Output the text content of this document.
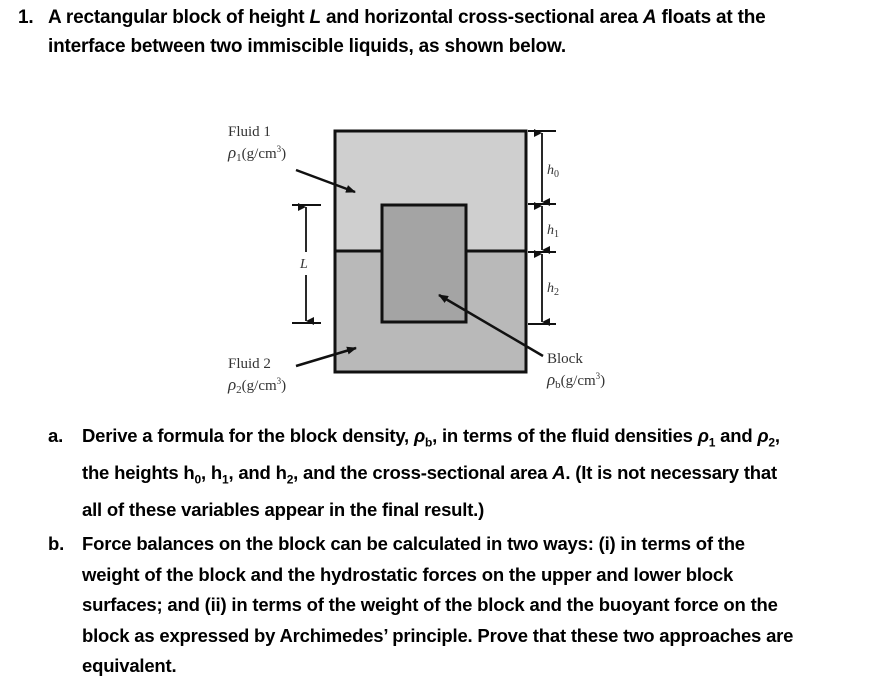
1. A rectangular block of height L and horizontal cross-sectional area A floats at the
interface between two immiscible liquids, as shown below.
Fluid 1
$\rho_1(g/cm^3)$
Fluid 2
$\rho_2(g/cm^3)$
Block
$\rho_b(g/cm^3)$
L
$h_0$
$h_1$
$h_2$
a. Derive a formula for the block density, $\rho_b$, in terms of the fluid densities $\rho_1$ and $\rho_2$,
the heights $h_0$, $h_1$, and $h_2$, and the cross-sectional area A. (It is not necessary that
all of these variables appear in the final result.)
b. Force balances on the block can be calculated in two ways: (i) in terms of the
weight of the block and the hydrostatic forces on the upper and lower block
surfaces; and (ii) in terms of the weight of the block and the buoyant force on the
block as expressed by Archimedes’ principle. Prove that these two approaches are
equivalent.
